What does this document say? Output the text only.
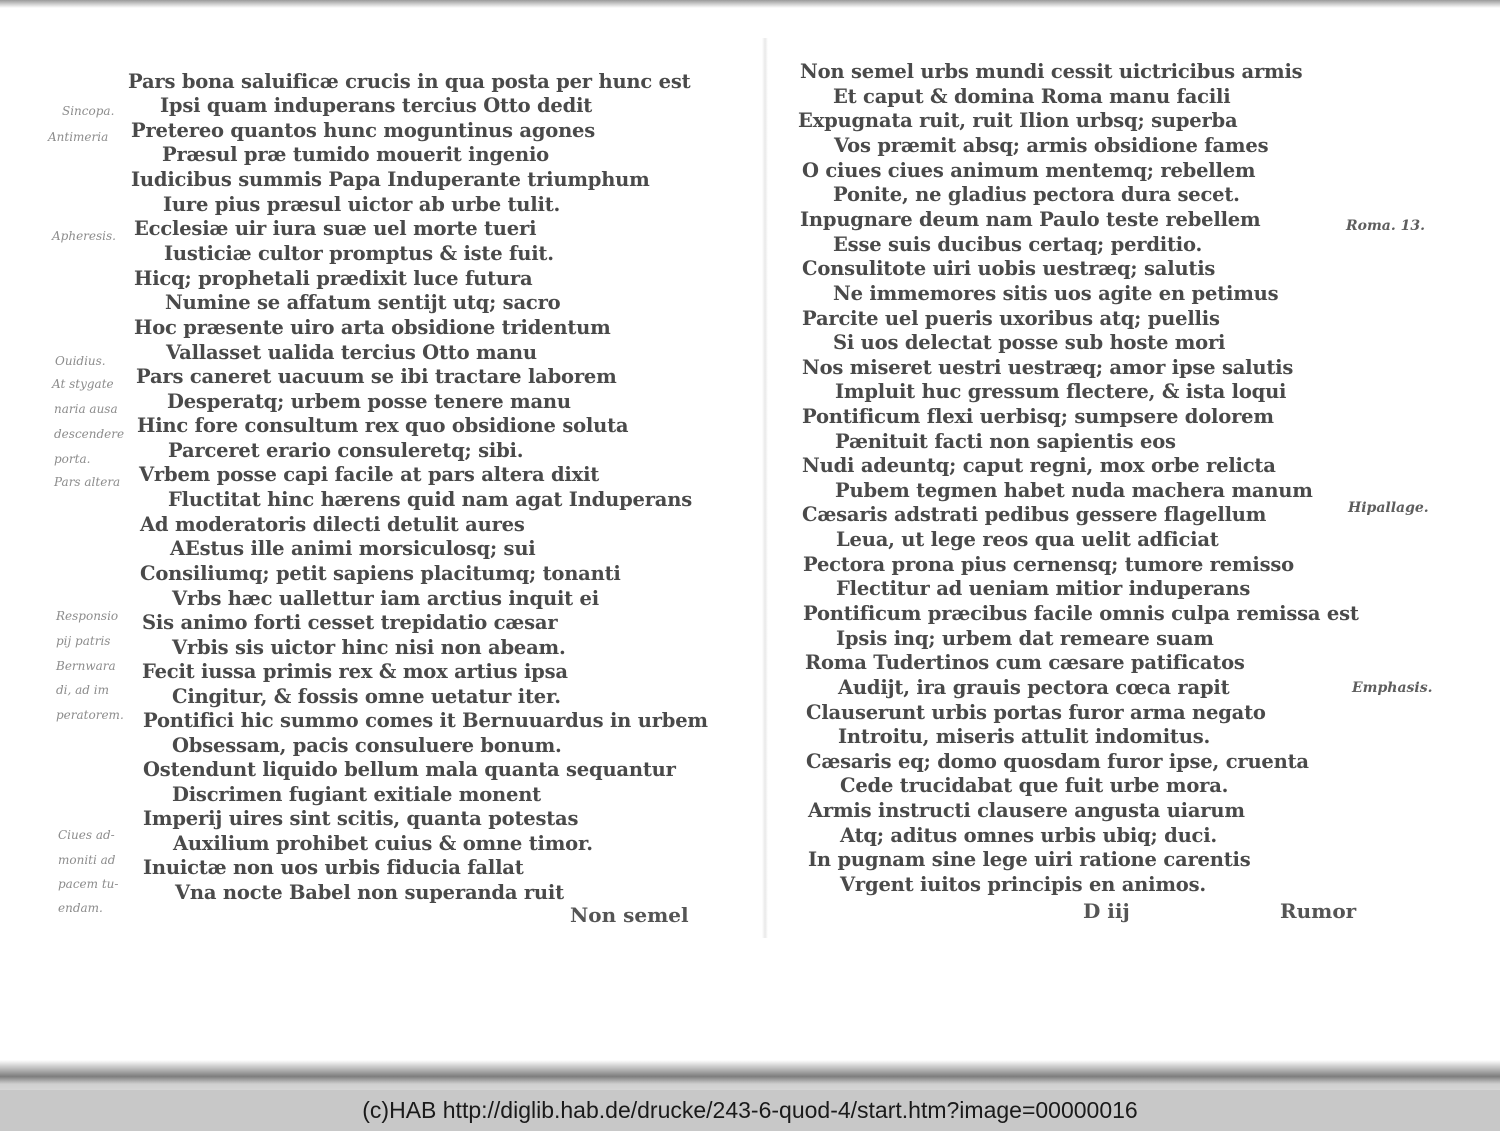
Pars bona saluificæ crucis in qua posta per hunc est
Ipsi quam induperans tercius Otto dedit
Pretereo quantos hunc moguntinus agones
Præsul præ tumido mouerit ingenio
Iudicibus summis Papa Induperante triumphum
Iure pius præsul uictor ab urbe tulit.
Ecclesiæ uir iura suæ uel morte tueri
Iusticiæ cultor promptus & iste fuit.
Hicq; prophetali prædixit luce futura
Numine se affatum sentijt utq; sacro
Hoc præsente uiro arta obsidione tridentum
Vallasset ualida tercius Otto manu
Pars caneret uacuum se ibi tractare laborem
Desperatq; urbem posse tenere manu
Hinc fore consultum rex quo obsidione soluta
Parceret erario consuleretq; sibi.
Vrbem posse capi facile at pars altera dixit
Fluctitat hinc hærens quid nam agat Induperans
Ad moderatoris dilecti detulit aures
AEstus ille animi morsiculosq; sui
Consiliumq; petit sapiens placitumq; tonanti
Vrbs hæc uallettur iam arctius inquit ei
Sis animo forti cesset trepidatio cæsar
Vrbis sis uictor hinc nisi non abeam.
Fecit iussa primis rex & mox artius ipsa
Cingitur, & fossis omne uetatur iter.
Pontifici hic summo comes it Bernuuardus in urbem
Obsessam, pacis consuluere bonum.
Ostendunt liquido bellum mala quanta sequantur
Discrimen fugiant exitiale monent
Imperij uires sint scitis, quanta potestas
Auxilium prohibet cuius & omne timor.
Inuictæ non uos urbis fiducia fallat
Vna nocte Babel non superanda ruit
Non semel
Sincopa.
Antimeria
Apheresis.
Ouidius.
At stygate
naria ausa
descendere
porta.
Pars altera
Responsio
pij patris
Bernwara
di, ad im
peratorem.
Ciues ad-
moniti ad
pacem tu-
endam.
Non semel urbs mundi cessit uictricibus armis
Et caput & domina Roma manu facili
Expugnata ruit, ruit Ilion urbsq; superba
Vos præmit absq; armis obsidione fames
O ciues ciues animum mentemq; rebellem
Ponite, ne gladius pectora dura secet.
Inpugnare deum nam Paulo teste rebellem
Esse suis ducibus certaq; perditio.
Consulitote uiri uobis uestræq; salutis
Ne immemores sitis uos agite en petimus
Parcite uel pueris uxoribus atq; puellis
Si uos delectat posse sub hoste mori
Nos miseret uestri uestræq; amor ipse salutis
Impluit huc gressum flectere, & ista loqui
Pontificum flexi uerbisq; sumpsere dolorem
Pænituit facti non sapientis eos
Nudi adeuntq; caput regni, mox orbe relicta
Pubem tegmen habet nuda machera manum
Cæsaris adstrati pedibus gessere flagellum
Leua, ut lege reos qua uelit adficiat
Pectora prona pius cernensq; tumore remisso
Flectitur ad ueniam mitior induperans
Pontificum præcibus facile omnis culpa remissa est
Ipsis inq; urbem dat remeare suam
Roma Tudertinos cum cæsare patificatos
Audijt, ira grauis pectora cœca rapit
Clauserunt urbis portas furor arma negato
Introitu, miseris attulit indomitus.
Cæsaris eq; domo quosdam furor ipse, cruenta
Cede trucidabat que fuit urbe mora.
Armis instructi clausere angusta uiarum
Atq; aditus omnes urbis ubiq; duci.
In pugnam sine lege uiri ratione carentis
Vrgent iuitos principis en animos.
D iij	Rumor
Roma. 13.
Hipallage.
Emphasis.
(c)HAB http://diglib.hab.de/drucke/243-6-quod-4/start.htm?image=00000016
